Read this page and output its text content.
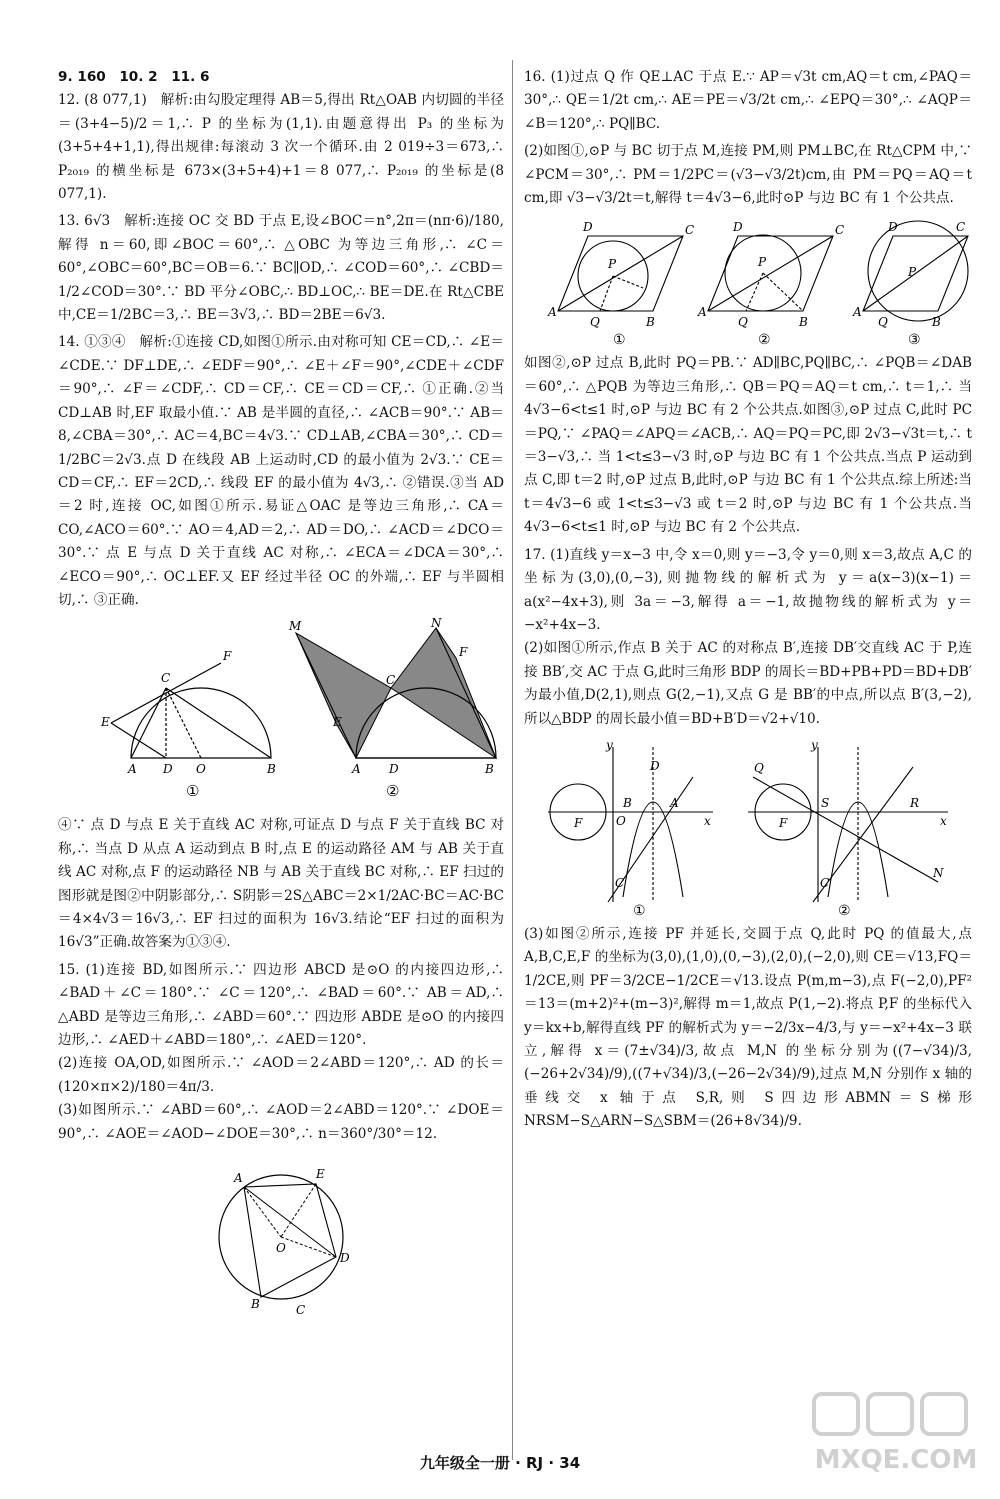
9. 160　10. 2　11. 6

12. (8 077,1)　解析:由勾股定理得 AB＝5,得出 Rt△OAB 内切圆的半径＝(3+4−5)/2＝1,∴ P 的坐标为(1,1).由题意得出 P₃ 的坐标为(3+5+4+1,1),得出规律:每滚动 3 次一个循环.由 2 019÷3＝673,∴ P₂₀₁₉ 的横坐标是 673×(3+5+4)+1＝8 077,∴ P₂₀₁₉ 的坐标是(8 077,1).

13. 6√3　解析:连接 OC 交 BD 于点 E,设∠BOC＝n°,2π＝(nπ·6)/180,解得 n＝60,即∠BOC＝60°,∴ △OBC 为等边三角形,∴ ∠C＝60°,∠OBC＝60°,BC＝OB＝6.∵ BC∥OD,∴ ∠COD＝60°,∴ ∠CBD＝1/2∠COD＝30°.∵ BD 平分∠OBC,∴ BD⊥OC,∴ BE＝DE.在 Rt△CBE 中,CE＝1/2BC＝3,∴ BE＝3√3,∴ BD＝2BE＝6√3.

14. ①③④　解析:①连接 CD,如图①所示.由对称可知 CE＝CD,∴ ∠E＝∠CDE.∵ DF⊥DE,∴ ∠EDF＝90°,∴ ∠E＋∠F＝90°,∠CDE＋∠CDF＝90°,∴ ∠F＝∠CDF,∴ CD＝CF,∴ CE＝CD＝CF,∴ ①正确.②当 CD⊥AB 时,EF 取最小值.∵ AB 是半圆的直径,∴ ∠ACB＝90°.∵ AB＝8,∠CBA＝30°,∴ AC＝4,BC＝4√3.∵ CD⊥AB,∠CBA＝30°,∴ CD＝1/2BC＝2√3.点 D 在线段 AB 上运动时,CD 的最小值为 2√3.∵ CE＝CD＝CF,∴ EF＝2CD,∴ 线段 EF 的最小值为 4√3,∴ ②错误.③当 AD＝2 时,连接 OC,如图①所示.易证△OAC 是等边三角形,∴ CA＝CO,∠ACO＝60°.∵ AO＝4,AD＝2,∴ AD＝DO,∴ ∠ACD＝∠DCO＝30°.∵ 点 E 与点 D 关于直线 AC 对称,∴ ∠ECA＝∠DCA＝30°,∴ ∠ECO＝90°,∴ OC⊥EF.又 EF 经过半径 OC 的外端,∴ EF 与半圆相切,∴ ③正确.

A D O	B
E
C
F
①
M	N
E
C
F
A D	B
②

④∵ 点 D 与点 E 关于直线 AC 对称,可证点 D 与点 F 关于直线 BC 对称,∴ 当点 D 从点 A 运动到点 B 时,点 E 的运动路径 AM 与 AB 关于直线 AC 对称,点 F 的运动路径 NB 与 AB 关于直线 BC 对称,∴ EF 扫过的图形就是图②中阴影部分,∴ S阴影＝2S△ABC＝2×1/2AC·BC＝AC·BC＝4×4√3＝16√3,∴ EF 扫过的面积为 16√3.结论“EF 扫过的面积为 16√3”正确.故答案为①③④.

15. (1)连接 BD,如图所示.∵ 四边形 ABCD 是⊙O 的内接四边形,∴ ∠BAD＋∠C＝180°.∵ ∠C＝120°,∴ ∠BAD＝60°.∵ AB＝AD,∴ △ABD 是等边三角形,∴ ∠ABD＝60°.∵ 四边形 ABDE 是⊙O 的内接四边形,∴ ∠AED＋∠ABD＝180°,∴ ∠AED＝120°.

(2)连接 OA,OD,如图所示.∵ ∠AOD＝2∠ABD＝120°,∴ AD 的长＝(120×π×2)/180＝4π/3.

(3)如图所示.∵ ∠ABD＝60°,∴ ∠AOD＝2∠ABD＝120°.∵ ∠DOE＝90°,∴ ∠AOE＝∠AOD−∠DOE＝30°,∴ n＝360°/30°＝12.

A	E
D
B	C
O

16. (1)过点 Q 作 QE⊥AC 于点 E.∵ AP＝√3t cm,AQ＝t cm,∠PAQ＝30°,∴ QE＝1/2t cm,∴ AE＝PE＝√3/2t cm,∴ ∠EPQ＝30°,∴ ∠AQP＝∠B＝120°,∴ PQ∥BC.

(2)如图①,⊙P 与 BC 切于点 M,连接 PM,则 PM⊥BC,在 Rt△CPM 中,∵ ∠PCM＝30°,∴ PM＝1/2PC＝(√3−√3/2t)cm,由 PM＝PQ＝AQ＝t cm,即 √3−√3/2t＝t,解得 t＝4√3−6,此时⊙P 与边 BC 有 1 个公共点.

A
D	C
Q	B
P
A
D	C
Q	B
P
A
D	C
Q	B
P
①	②	③

如图②,⊙P 过点 B,此时 PQ＝PB.∵ AD∥BC,PQ∥BC,∴ ∠PQB＝∠DAB＝60°,∴ △PQB 为等边三角形,∴ QB＝PQ＝AQ＝t cm,∴ t＝1,∴ 当 4√3−6<t≤1 时,⊙P 与边 BC 有 2 个公共点.如图③,⊙P 过点 C,此时 PC＝PQ,∵ ∠PAQ＝∠APQ＝∠ACB,∴ AQ＝PQ＝PC,即 2√3−√3t＝t,∴ t＝3−√3,∴ 当 1<t≤3−√3 时,⊙P 与边 BC 有 1 个公共点.当点 P 运动到点 C,即 t＝2 时,⊙P 过点 B,此时,⊙P 与边 BC 有 1 个公共点.综上所述:当 t＝4√3−6 或 1<t≤3−√3 或 t＝2 时,⊙P 与边 BC 有 1 个公共点.当 4√3−6<t≤1 时,⊙P 与边 BC 有 2 个公共点.

17. (1)直线 y＝x−3 中,令 x＝0,则 y＝−3,令 y＝0,则 x＝3,故点 A,C 的坐标为(3,0),(0,−3),则抛物线的解析式为 y＝a(x−3)(x−1)＝a(x²−4x+3),则 3a＝−3,解得 a＝−1,故抛物线的解析式为 y＝−x²+4x−3.

(2)如图①所示,作点 B 关于 AC 的对称点 B′,连接 DB′交直线 AC 于 P,连接 BB′,交 AC 于点 G,此时三角形 BDP 的周长＝BD+PB+PD＝BD+DB′为最小值,D(2,1),则点 G(2,−1),又点 G 是 BB′的中点,所以点 B′(3,−2),所以△BDP 的周长最小值＝BD+B′D＝√2+√10.

y
x
F	O
B	A
D
C
y
x
F
Q
S	R
N
C
①	②

(3)如图②所示,连接 PF 并延长,交圆于点 Q,此时 PQ 的值最大,点 A,B,C,E,F 的坐标为(3,0),(1,0),(0,−3),(2,0),(−2,0),则 CE＝√13,FQ＝1/2CE,则 PF＝3/2CE−1/2CE＝√13.设点 P(m,m−3),点 F(−2,0),PF²＝13＝(m+2)²+(m−3)²,解得 m＝1,故点 P(1,−2).将点 P,F 的坐标代入 y＝kx+b,解得直线 PF 的解析式为 y＝−2/3x−4/3,与 y＝−x²+4x−3 联立,解得 x＝(7±√34)/3,故点 M,N 的坐标分别为((7−√34)/3,(−26+2√34)/9),((7+√34)/3,(−26−2√34)/9),过点 M,N 分别作 x 轴的垂线交 x 轴于点 S,R,则 S四边形ABMN＝S梯形NRSM−S△ARN−S△SBM＝(26+8√34)/9.

九年级全一册 · RJ · 34	MXQE.COM
